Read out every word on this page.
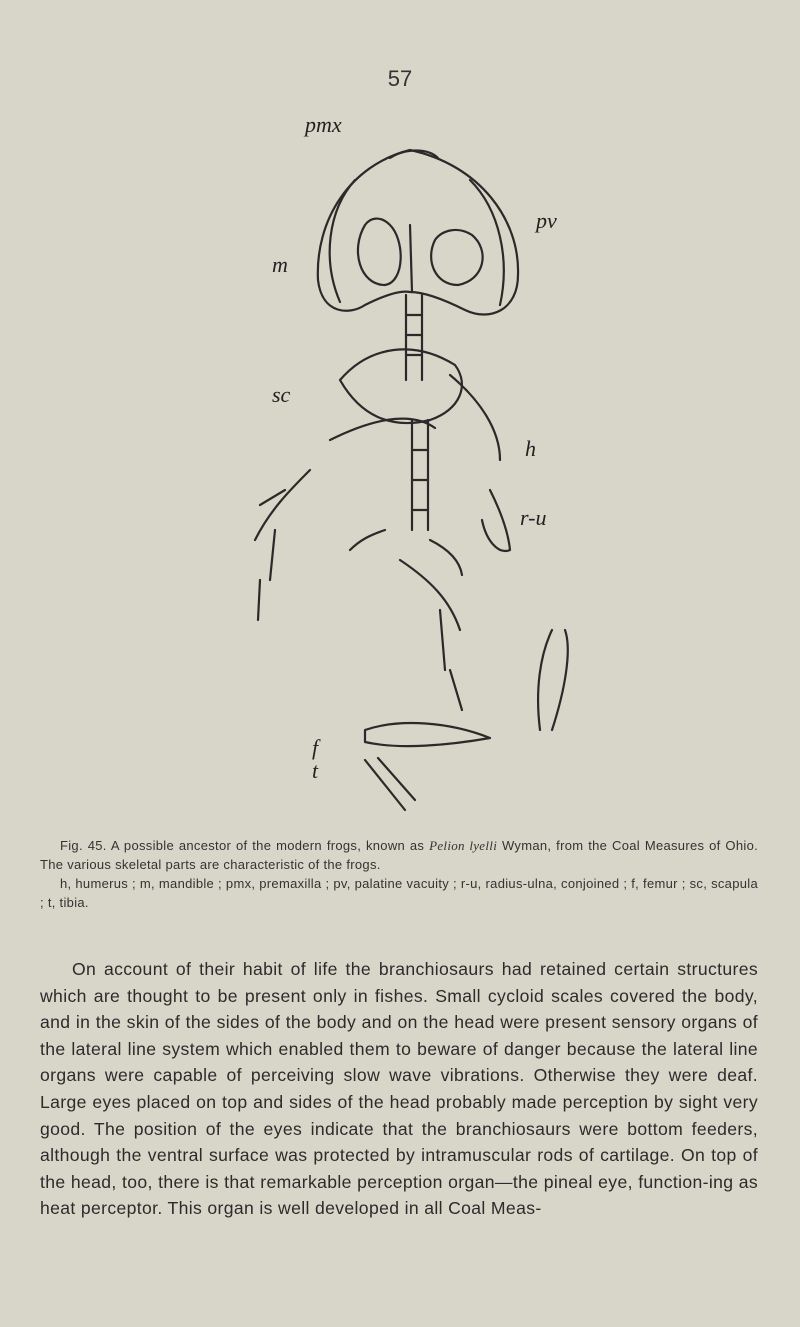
57
pmx
pv
m
sc
h
r-u
f
t

Fig. 45. A possible ancestor of the modern frogs, known as Pelion lyelli Wyman, from the Coal Measures of Ohio. The various skeletal parts are characteristic of the frogs.

h, humerus ; m, mandible ; pmx, premaxilla ; pv, palatine vacuity ; r-u, radius-ulna, conjoined ; f, femur ; sc, scapula ; t, tibia.

On account of their habit of life the branchiosaurs had retained certain structures which are thought to be present only in fishes. Small cycloid scales covered the body, and in the skin of the sides of the body and on the head were present sensory organs of the lateral line system which enabled them to beware of danger because the lateral line organs were capable of perceiving slow wave vibrations. Otherwise they were deaf. Large eyes placed on top and sides of the head probably made perception by sight very good. The position of the eyes indicate that the branchiosaurs were bottom feeders, although the ventral surface was protected by intramuscular rods of cartilage. On top of the head, too, there is that remarkable perception organ—the pineal eye, function-ing as heat perceptor. This organ is well developed in all Coal Meas-
